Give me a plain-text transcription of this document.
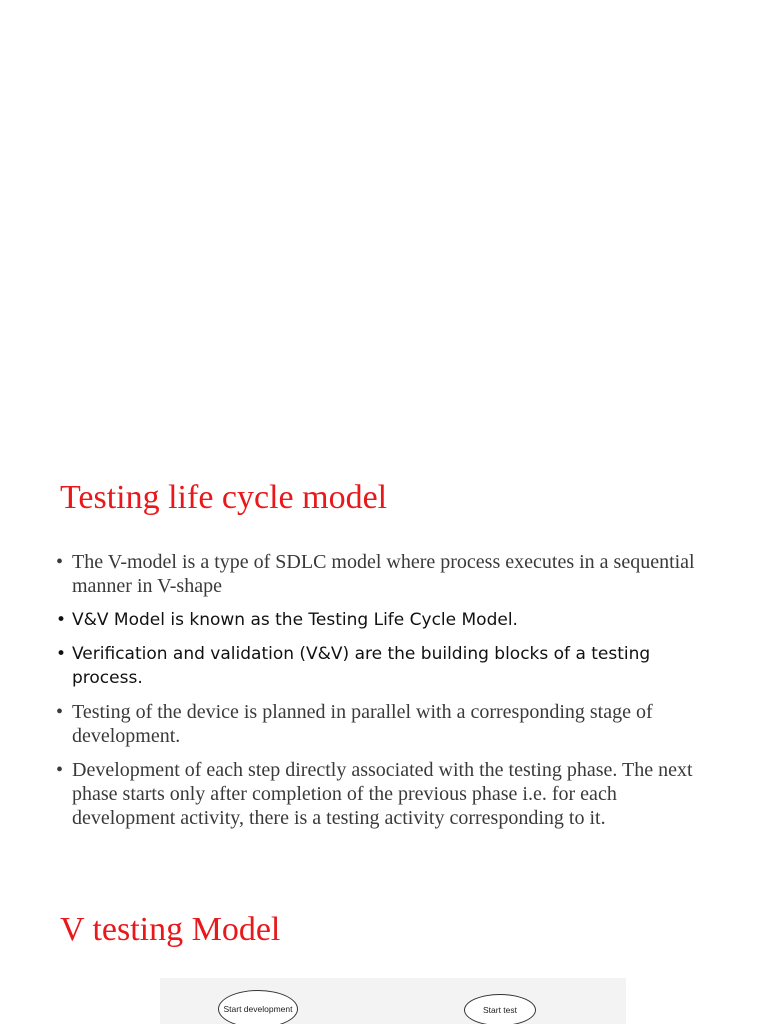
Testing life cycle model
• The V-model is a type of SDLC model where process executes in a sequential manner in V-shape
• V&V Model is known as the Testing Life Cycle Model.
• Verification and validation (V&V) are the building blocks of a testing process.
• Testing of the device is planned in parallel with a corresponding stage of development.
• Development of each step directly associated with the testing phase. The next phase starts only after completion of the previous phase i.e. for each development activity, there is a testing activity corresponding to it.
V testing Model
Start development	Start test
